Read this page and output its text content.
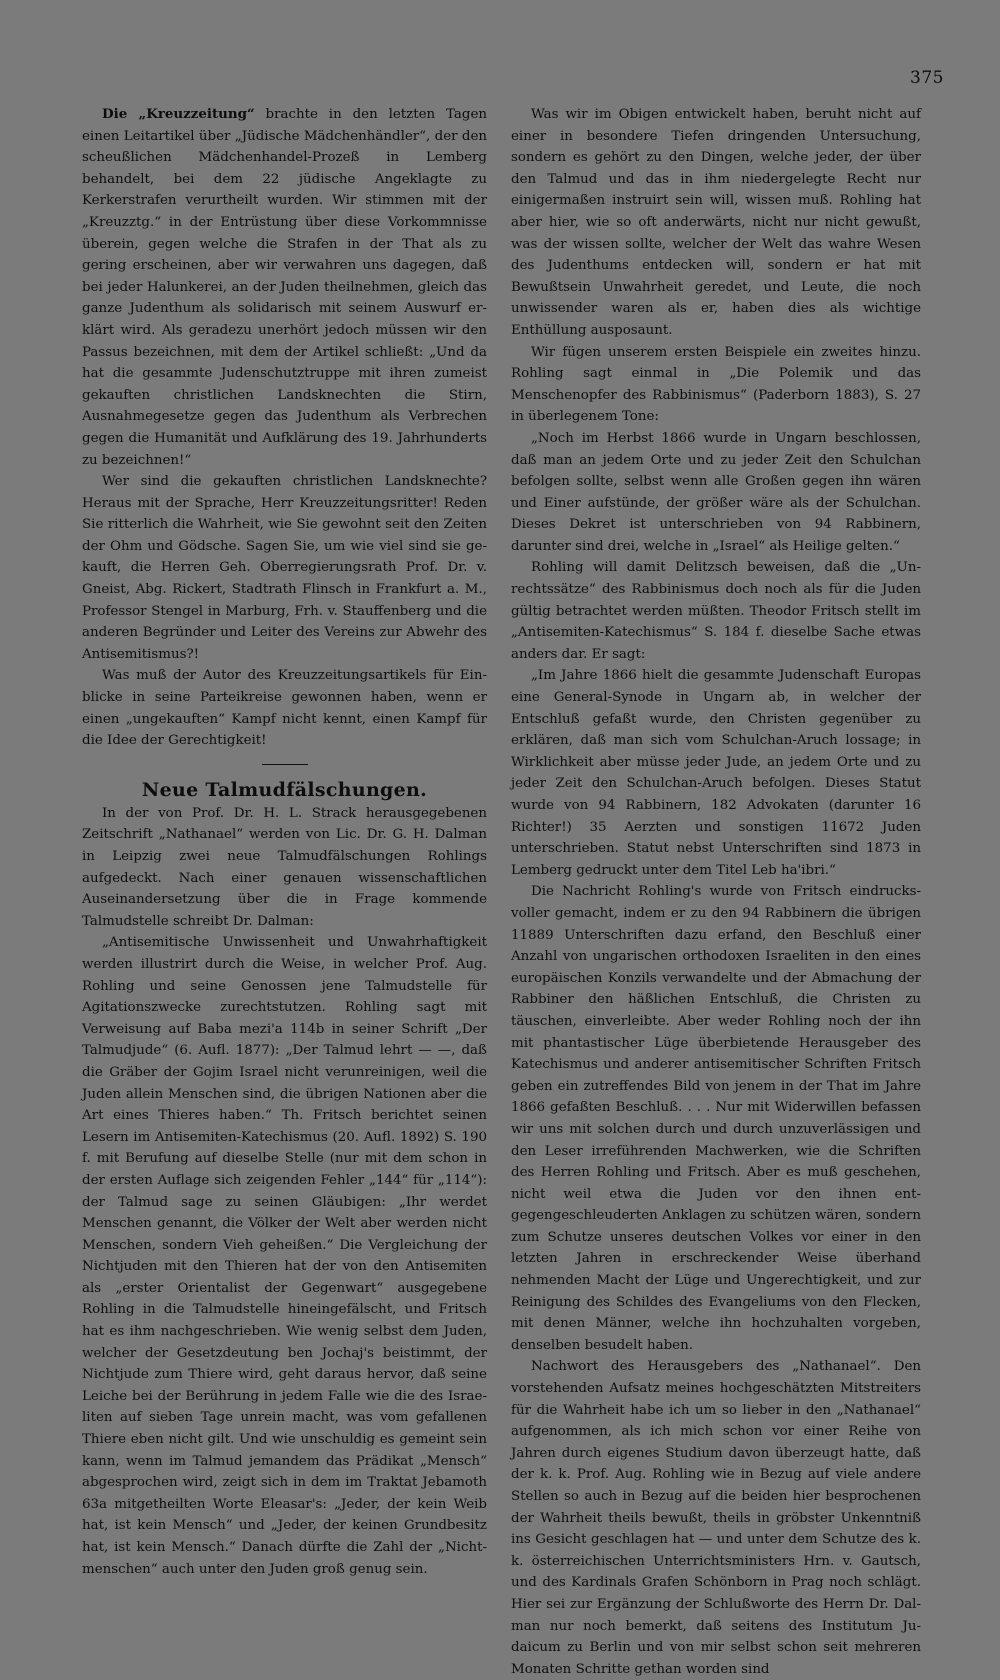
375

Die „Kreuzzeitung“ brachte in den letzten Tagen einen Leitartikel über „Jüdische Mädchenhändler“, der den scheußlichen Mädchenhandel-Prozeß in Lemberg behandelt, bei dem 22 jüdische Angeklagte zu Kerkerstrafen verurtheilt wurden. Wir stimmen mit der „Kreuzztg.“ in der Entrüstung über diese Vorkommnisse überein, gegen welche die Strafen in der That als zu gering erscheinen, aber wir verwahren uns dagegen, daß bei jeder Halunkerei, an der Juden theilnehmen, gleich das ganze Judenthum als solidarisch mit seinem Auswurf erklärt wird. Als geradezu unerhört jedoch müssen wir den Passus bezeichnen, mit dem der Artikel schließt: „Und da hat die gesammte Judenschutztruppe mit ihren zumeist gekauften christlichen Landsknechten die Stirn, Ausnahmegesetze gegen das Judenthum als Verbrechen gegen die Humanität und Aufklärung des 19. Jahrhunderts zu bezeichnen!“

Wer sind die gekauften christlichen Landsknechte? Heraus mit der Sprache, Herr Kreuzzeitungsritter! Reden Sie ritterlich die Wahrheit, wie Sie gewohnt seit den Zeiten der Ohm und Gödsche. Sagen Sie, um wie viel sind sie gekauft, die Herren Geh. Oberregierungsrath Prof. Dr. v. Gneist, Abg. Rickert, Stadtrath Flinsch in Frankfurt a. M., Professor Stengel in Marburg, Frh. v. Stauffenberg und die anderen Begründer und Leiter des Vereins zur Abwehr des Antisemitismus?!

Was muß der Autor des Kreuzzeitungsartikels für Einblicke in seine Parteikreise gewonnen haben, wenn er einen „ungekauften“ Kampf nicht kennt, einen Kampf für die Idee der Gerechtigkeit!

Neue Talmudfälschungen.

In der von Prof. Dr. H. L. Strack herausgegebenen Zeitschrift „Nathanael“ werden von Lic. Dr. G. H. Dalman in Leipzig zwei neue Talmudfälschungen Rohlings aufgedeckt. Nach einer genauen wissenschaftlichen Auseinandersetzung über die in Frage kommende Talmudstelle schreibt Dr. Dalman:

„Antisemitische Unwissenheit und Unwahrhaftigkeit werden illustrirt durch die Weise, in welcher Prof. Aug. Rohling und seine Genossen jene Talmudstelle für Agitationszwecke zurechtstutzen. Rohling sagt mit Verweisung auf Baba mezi'a 114b in seiner Schrift „Der Talmudjude“ (6. Aufl. 1877): „Der Talmud lehrt — —, daß die Gräber der Gojim Israel nicht verunreinigen, weil die Juden allein Menschen sind, die übrigen Nationen aber die Art eines Thieres haben.“ Th. Fritsch berichtet seinen Lesern im Antisemiten-Katechismus (20. Aufl. 1892) S. 190 f. mit Berufung auf dieselbe Stelle (nur mit dem schon in der ersten Auflage sich zeigenden Fehler „144“ für „114“): der Talmud sage zu seinen Gläubigen: „Ihr werdet Menschen genannt, die Völker der Welt aber werden nicht Menschen, sondern Vieh geheißen.“ Die Vergleichung der Nichtjuden mit den Thieren hat der von den Antisemiten als „erster Orientalist der Gegenwart“ ausgegebene Rohling in die Talmudstelle hineingefälscht, und Fritsch hat es ihm nachgeschrieben. Wie wenig selbst dem Juden, welcher der Gesetzdeutung ben Jochaj's beistimmt, der Nichtjude zum Thiere wird, geht daraus hervor, daß seine Leiche bei der Berührung in jedem Falle wie die des Israeliten auf sieben Tage unrein macht, was vom gefallenen Thiere eben nicht gilt. Und wie unschuldig es gemeint sein kann, wenn im Talmud jemandem das Prädikat „Mensch“ abgesprochen wird, zeigt sich in dem im Traktat Jebamoth 63a mitgetheilten Worte Eleasar's: „Jeder, der kein Weib hat, ist kein Mensch“ und „Jeder, der keinen Grundbesitz hat, ist kein Mensch.“ Danach dürfte die Zahl der „Nichtmenschen“ auch unter den Juden groß genug sein.

Was wir im Obigen entwickelt haben, beruht nicht auf einer in besondere Tiefen dringenden Untersuchung, sondern es gehört zu den Dingen, welche jeder, der über den Talmud und das in ihm niedergelegte Recht nur einigermaßen instruirt sein will, wissen muß. Rohling hat aber hier, wie so oft anderwärts, nicht nur nicht gewußt, was der wissen sollte, welcher der Welt das wahre Wesen des Judenthums entdecken will, sondern er hat mit Bewußtsein Unwahrheit geredet, und Leute, die noch unwissender waren als er, haben dies als wichtige Enthüllung ausposaunt.

Wir fügen unserem ersten Beispiele ein zweites hinzu. Rohling sagt einmal in „Die Polemik und das Menschenopfer des Rabbinismus“ (Paderborn 1883), S. 27 in überlegenem Tone:

„Noch im Herbst 1866 wurde in Ungarn beschlossen, daß man an jedem Orte und zu jeder Zeit den Schulchan befolgen sollte, selbst wenn alle Großen gegen ihn wären und Einer aufstünde, der größer wäre als der Schulchan. Dieses Dekret ist unterschrieben von 94 Rabbinern, darunter sind drei, welche in „Israel“ als Heilige gelten.“

Rohling will damit Delitzsch beweisen, daß die „Unrechtssätze“ des Rabbinismus doch noch als für die Juden gültig betrachtet werden müßten. Theodor Fritsch stellt im „Antisemiten-Katechismus“ S. 184 f. dieselbe Sache etwas anders dar. Er sagt:

„Im Jahre 1866 hielt die gesammte Judenschaft Europas eine General-Synode in Ungarn ab, in welcher der Entschluß gefaßt wurde, den Christen gegenüber zu erklären, daß man sich vom Schulchan-Aruch lossage; in Wirklichkeit aber müsse jeder Jude, an jedem Orte und zu jeder Zeit den Schulchan-Aruch befolgen. Dieses Statut wurde von 94 Rabbinern, 182 Advokaten (darunter 16 Richter!) 35 Aerzten und sonstigen 11672 Juden unterschrieben. Statut nebst Unterschriften sind 1873 in Lemberg gedruckt unter dem Titel Leb ha'ibri.“

Die Nachricht Rohling's wurde von Fritsch eindrucksvoller gemacht, indem er zu den 94 Rabbinern die übrigen 11889 Unterschriften dazu erfand, den Beschluß einer Anzahl von ungarischen orthodoxen Israeliten in den eines europäischen Konzils verwandelte und der Abmachung der Rabbiner den häßlichen Entschluß, die Christen zu täuschen, einverleibte. Aber weder Rohling noch der ihn mit phantastischer Lüge überbietende Herausgeber des Katechismus und anderer antisemitischer Schriften Fritsch geben ein zutreffendes Bild von jenem in der That im Jahre 1866 gefaßten Beschluß. . . . Nur mit Widerwillen befassen wir uns mit solchen durch und durch unzuverlässigen und den Leser irreführenden Machwerken, wie die Schriften des Herren Rohling und Fritsch. Aber es muß geschehen, nicht weil etwa die Juden vor den ihnen entgegengeschleuderten Anklagen zu schützen wären, sondern zum Schutze unseres deutschen Volkes vor einer in den letzten Jahren in erschreckender Weise überhand nehmenden Macht der Lüge und Ungerechtigkeit, und zur Reinigung des Schildes des Evangeliums von den Flecken, mit denen Männer, welche ihn hochzuhalten vorgeben, denselben besudelt haben.

Nachwort des Herausgebers des „Nathanael“. Den vorstehenden Aufsatz meines hochgeschätzten Mitstreiters für die Wahrheit habe ich um so lieber in den „Nathanael“ aufgenommen, als ich mich schon vor einer Reihe von Jahren durch eigenes Studium davon überzeugt hatte, daß der k. k. Prof. Aug. Rohling wie in Bezug auf viele andere Stellen so auch in Bezug auf die beiden hier besprochenen der Wahrheit theils bewußt, theils in gröbster Unkenntniß ins Gesicht geschlagen hat — und unter dem Schutze des k. k. österreichischen Unterrichtsministers Hrn. v. Gautsch, und des Kardinals Grafen Schönborn in Prag noch schlägt. Hier sei zur Ergänzung der Schlußworte des Herrn Dr. Dalman nur noch bemerkt, daß seitens des Institutum Judaicum zu Berlin und von mir selbst schon seit mehreren Monaten Schritte gethan worden sind
